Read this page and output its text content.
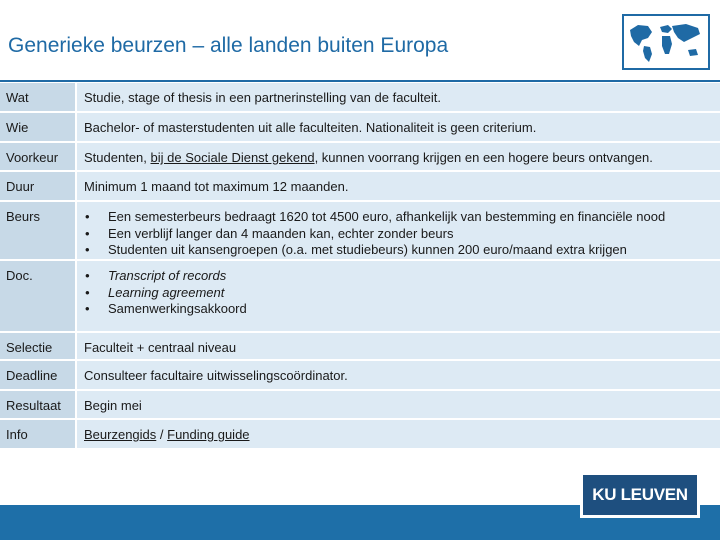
Generieke beurzen – alle landen buiten Europa
Wat	Studie, stage of thesis in een partnerinstelling van de faculteit.
Wie	Bachelor- of masterstudenten uit alle faculteiten. Nationaliteit is geen criterium.
Voorkeur	Studenten, bij de Sociale Dienst gekend, kunnen voorrang krijgen en een hogere beurs ontvangen.
Duur	Minimum 1 maand tot maximum 12 maanden.
Beurs	• Een semesterbeurs bedraagt 1620 tot 4500 euro, afhankelijk van bestemming en financiële nood
• Een verblijf langer dan 4 maanden kan, echter zonder beurs
• Studenten uit kansengroepen (o.a. met studiebeurs) kunnen 200 euro/maand extra krijgen
Doc.	• Transcript of records
• Learning agreement
• Samenwerkingsakkoord
Selectie	Faculteit + centraal niveau
Deadline	Consulteer facultaire uitwisselingscoördinator.
Resultaat	Begin mei
Info	Beurzengids / Funding guide
KU LEUVEN
